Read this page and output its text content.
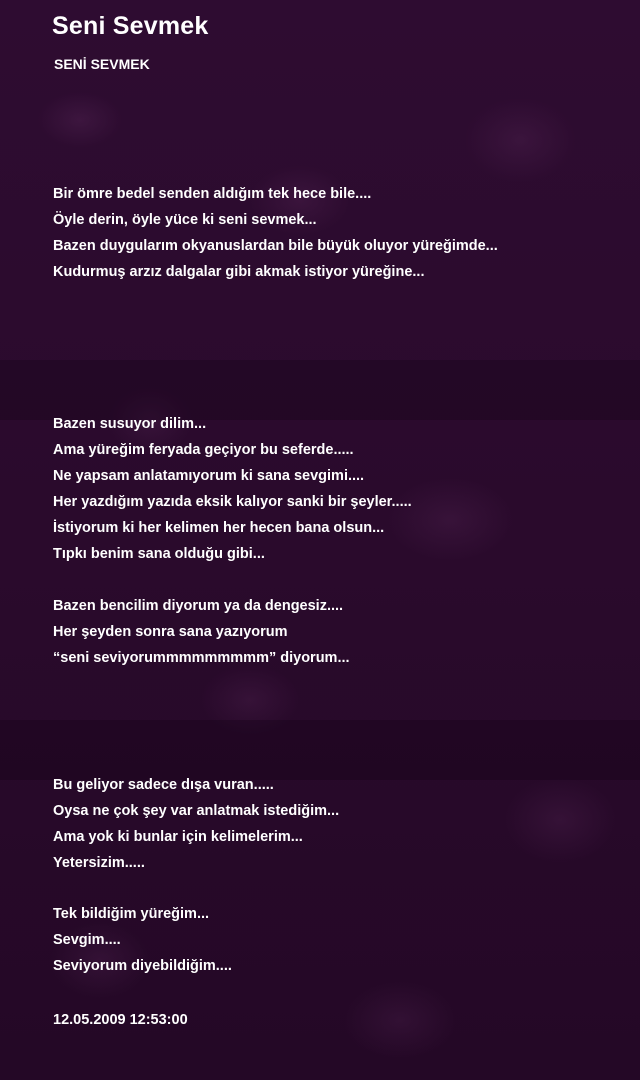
Seni Sevmek
SENİ SEVMEK
Bir ömre bedel senden aldığım tek hece bile....
Öyle derin, öyle yüce ki seni sevmek...
Bazen duygularım okyanuslardan bile büyük oluyor yüreğimde...
Kudurmuş arzız dalgalar gibi akmak istiyor yüreğine...
Bazen susuyor dilim...
Ama yüreğim feryada geçiyor bu seferde.....
Ne yapsam anlatamıyorum ki sana sevgimi....
Her yazdığım yazıda eksik kalıyor sanki bir şeyler.....
İstiyorum ki her kelimen her hecen bana olsun...
Tıpkı benim sana olduğu gibi...
Bazen bencilim diyorum ya da dengesiz....
Her şeyden sonra sana yazıyorum
“seni seviyorummmmmmmmm” diyorum...
Bu geliyor sadece dışa vuran.....
Oysa ne çok şey var anlatmak istediğim...
Ama yok ki bunlar için kelimelerim...
Yetersizim.....
Tek bildiğim yüreğim...
Sevgim....
Seviyorum diyebildiğim....
12.05.2009 12:53:00
